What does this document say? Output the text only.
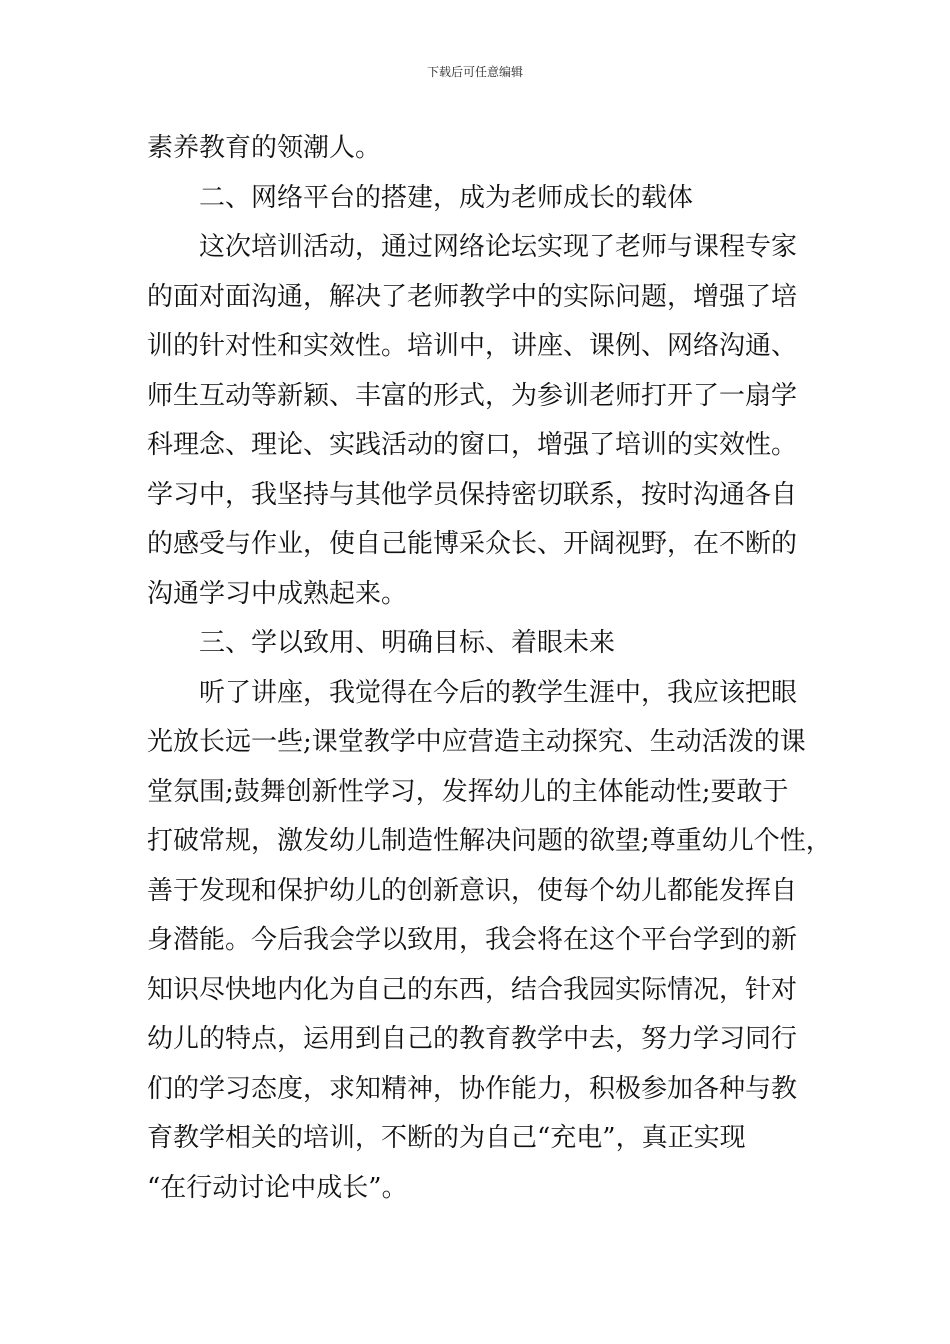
下载后可任意编辑
素养教育的领潮人。
二、网络平台的搭建，成为老师成长的载体
这次培训活动，通过网络论坛实现了老师与课程专家
的面对面沟通，解决了老师教学中的实际问题，增强了培
训的针对性和实效性。培训中，讲座、课例、网络沟通、
师生互动等新颖、丰富的形式，为参训老师打开了一扇学
科理念、理论、实践活动的窗口，增强了培训的实效性。
学习中，我坚持与其他学员保持密切联系，按时沟通各自
的感受与作业，使自己能博采众长、开阔视野，在不断的
沟通学习中成熟起来。
三、学以致用、明确目标、着眼未来
听了讲座，我觉得在今后的教学生涯中，我应该把眼
光放长远一些;课堂教学中应营造主动探究、生动活泼的课
堂氛围;鼓舞创新性学习，发挥幼儿的主体能动性;要敢于
打破常规，激发幼儿制造性解决问题的欲望;尊重幼儿个性，
善于发现和保护幼儿的创新意识，使每个幼儿都能发挥自
身潜能。今后我会学以致用，我会将在这个平台学到的新
知识尽快地内化为自己的东西，结合我园实际情况，针对
幼儿的特点，运用到自己的教育教学中去，努力学习同行
们的学习态度，求知精神，协作能力，积极参加各种与教
育教学相关的培训，不断的为自己“充电”，真正实现
“在行动讨论中成长”。
